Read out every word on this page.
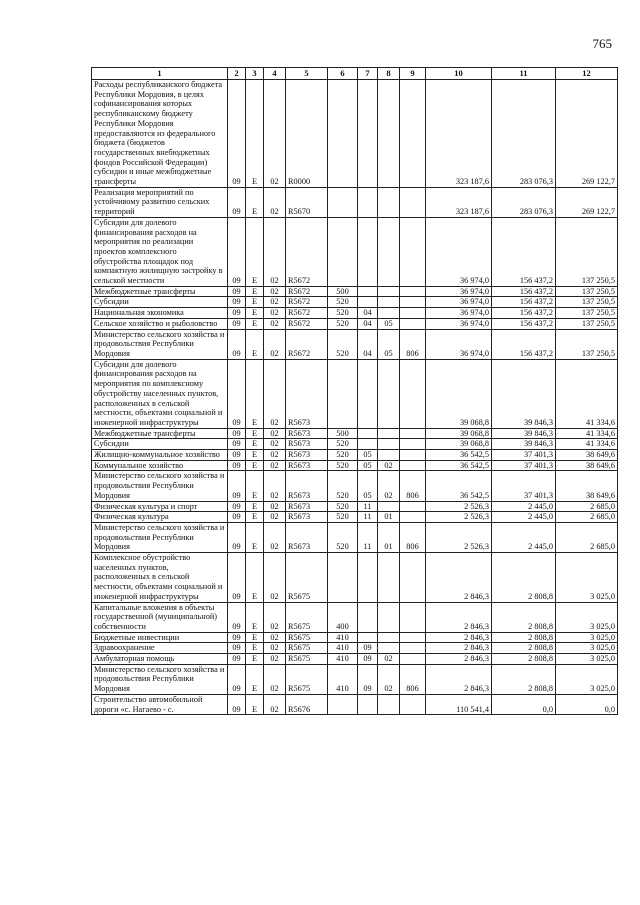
765
1	2	3	4	5	6	7	8	9	10	11	12
Расходы республиканского бюджета Республики Мордовия, в целях софинансирования которых республиканскому бюджету Республики Мордовия предоставляются из федерального бюджета (бюджетов государственных внебюджетных фондов Российской Федерации) субсидии и иные межбюджетные трансферты	09	E	02	R0000					323 187,6	283 076,3	269 122,7
Реализация мероприятий по устойчивому развитию сельских территорий	09	E	02	R5670					323 187,6	283 076,3	269 122,7
Субсидии для долевого финансирования расходов на мероприятия по реализации проектов комплексного обустройства площадок под компактную жилищную застройку в сельской местности	09	E	02	R5672					36 974,0	156 437,2	137 250,5
Межбюджетные трансферты	09	E	02	R5672	500				36 974,0	156 437,2	137 250,5
Субсидии	09	E	02	R5672	520				36 974,0	156 437,2	137 250,5
Национальная экономика	09	E	02	R5672	520	04			36 974,0	156 437,2	137 250,5
Сельское хозяйство и рыболовство	09	E	02	R5672	520	04	05		36 974,0	156 437,2	137 250,5
Министерство сельского хозяйства и продовольствия Республики Мордовия	09	E	02	R5672	520	04	05	806	36 974,0	156 437,2	137 250,5
Субсидии для долевого финансирования расходов на мероприятия по комплексному обустройству населенных пунктов, расположенных в сельской местности, объектами социальной и инженерной инфраструктуры	09	E	02	R5673					39 068,8	39 846,3	41 334,6
Межбюджетные трансферты	09	E	02	R5673	500				39 068,8	39 846,3	41 334,6
Субсидии	09	E	02	R5673	520				39 068,8	39 846,3	41 334,6
Жилищно-коммунальное хозяйство	09	E	02	R5673	520	05			36 542,5	37 401,3	38 649,6
Коммунальное хозяйство	09	E	02	R5673	520	05	02		36 542,5	37 401,3	38 649,6
Министерство сельского хозяйства и продовольствия Республики Мордовия	09	E	02	R5673	520	05	02	806	36 542,5	37 401,3	38 649,6
Физическая культура и спорт	09	E	02	R5673	520	11			2 526,3	2 445,0	2 685,0
Физическая культура	09	E	02	R5673	520	11	01		2 526,3	2 445,0	2 685,0
Министерство сельского хозяйства и продовольствия Республики Мордовия	09	E	02	R5673	520	11	01	806	2 526,3	2 445,0	2 685,0
Комплексное обустройство населенных пунктов, расположенных в сельской местности, объектами социальной и инженерной инфраструктуры	09	E	02	R5675					2 846,3	2 808,8	3 025,0
Капитальные вложения в объекты государственной (муниципальной) собственности	09	E	02	R5675	400				2 846,3	2 808,8	3 025,0
Бюджетные инвестиции	09	E	02	R5675	410				2 846,3	2 808,8	3 025,0
Здравоохранение	09	E	02	R5675	410	09			2 846,3	2 808,8	3 025,0
Амбулаторная помощь	09	E	02	R5675	410	09	02		2 846,3	2 808,8	3 025,0
Министерство сельского хозяйства и продовольствия Республики Мордовия	09	E	02	R5675	410	09	02	806	2 846,3	2 808,8	3 025,0
Строительство автомобильной дороги «с. Нагаево - с.	09	E	02	R5676					110 541,4	0,0	0,0
